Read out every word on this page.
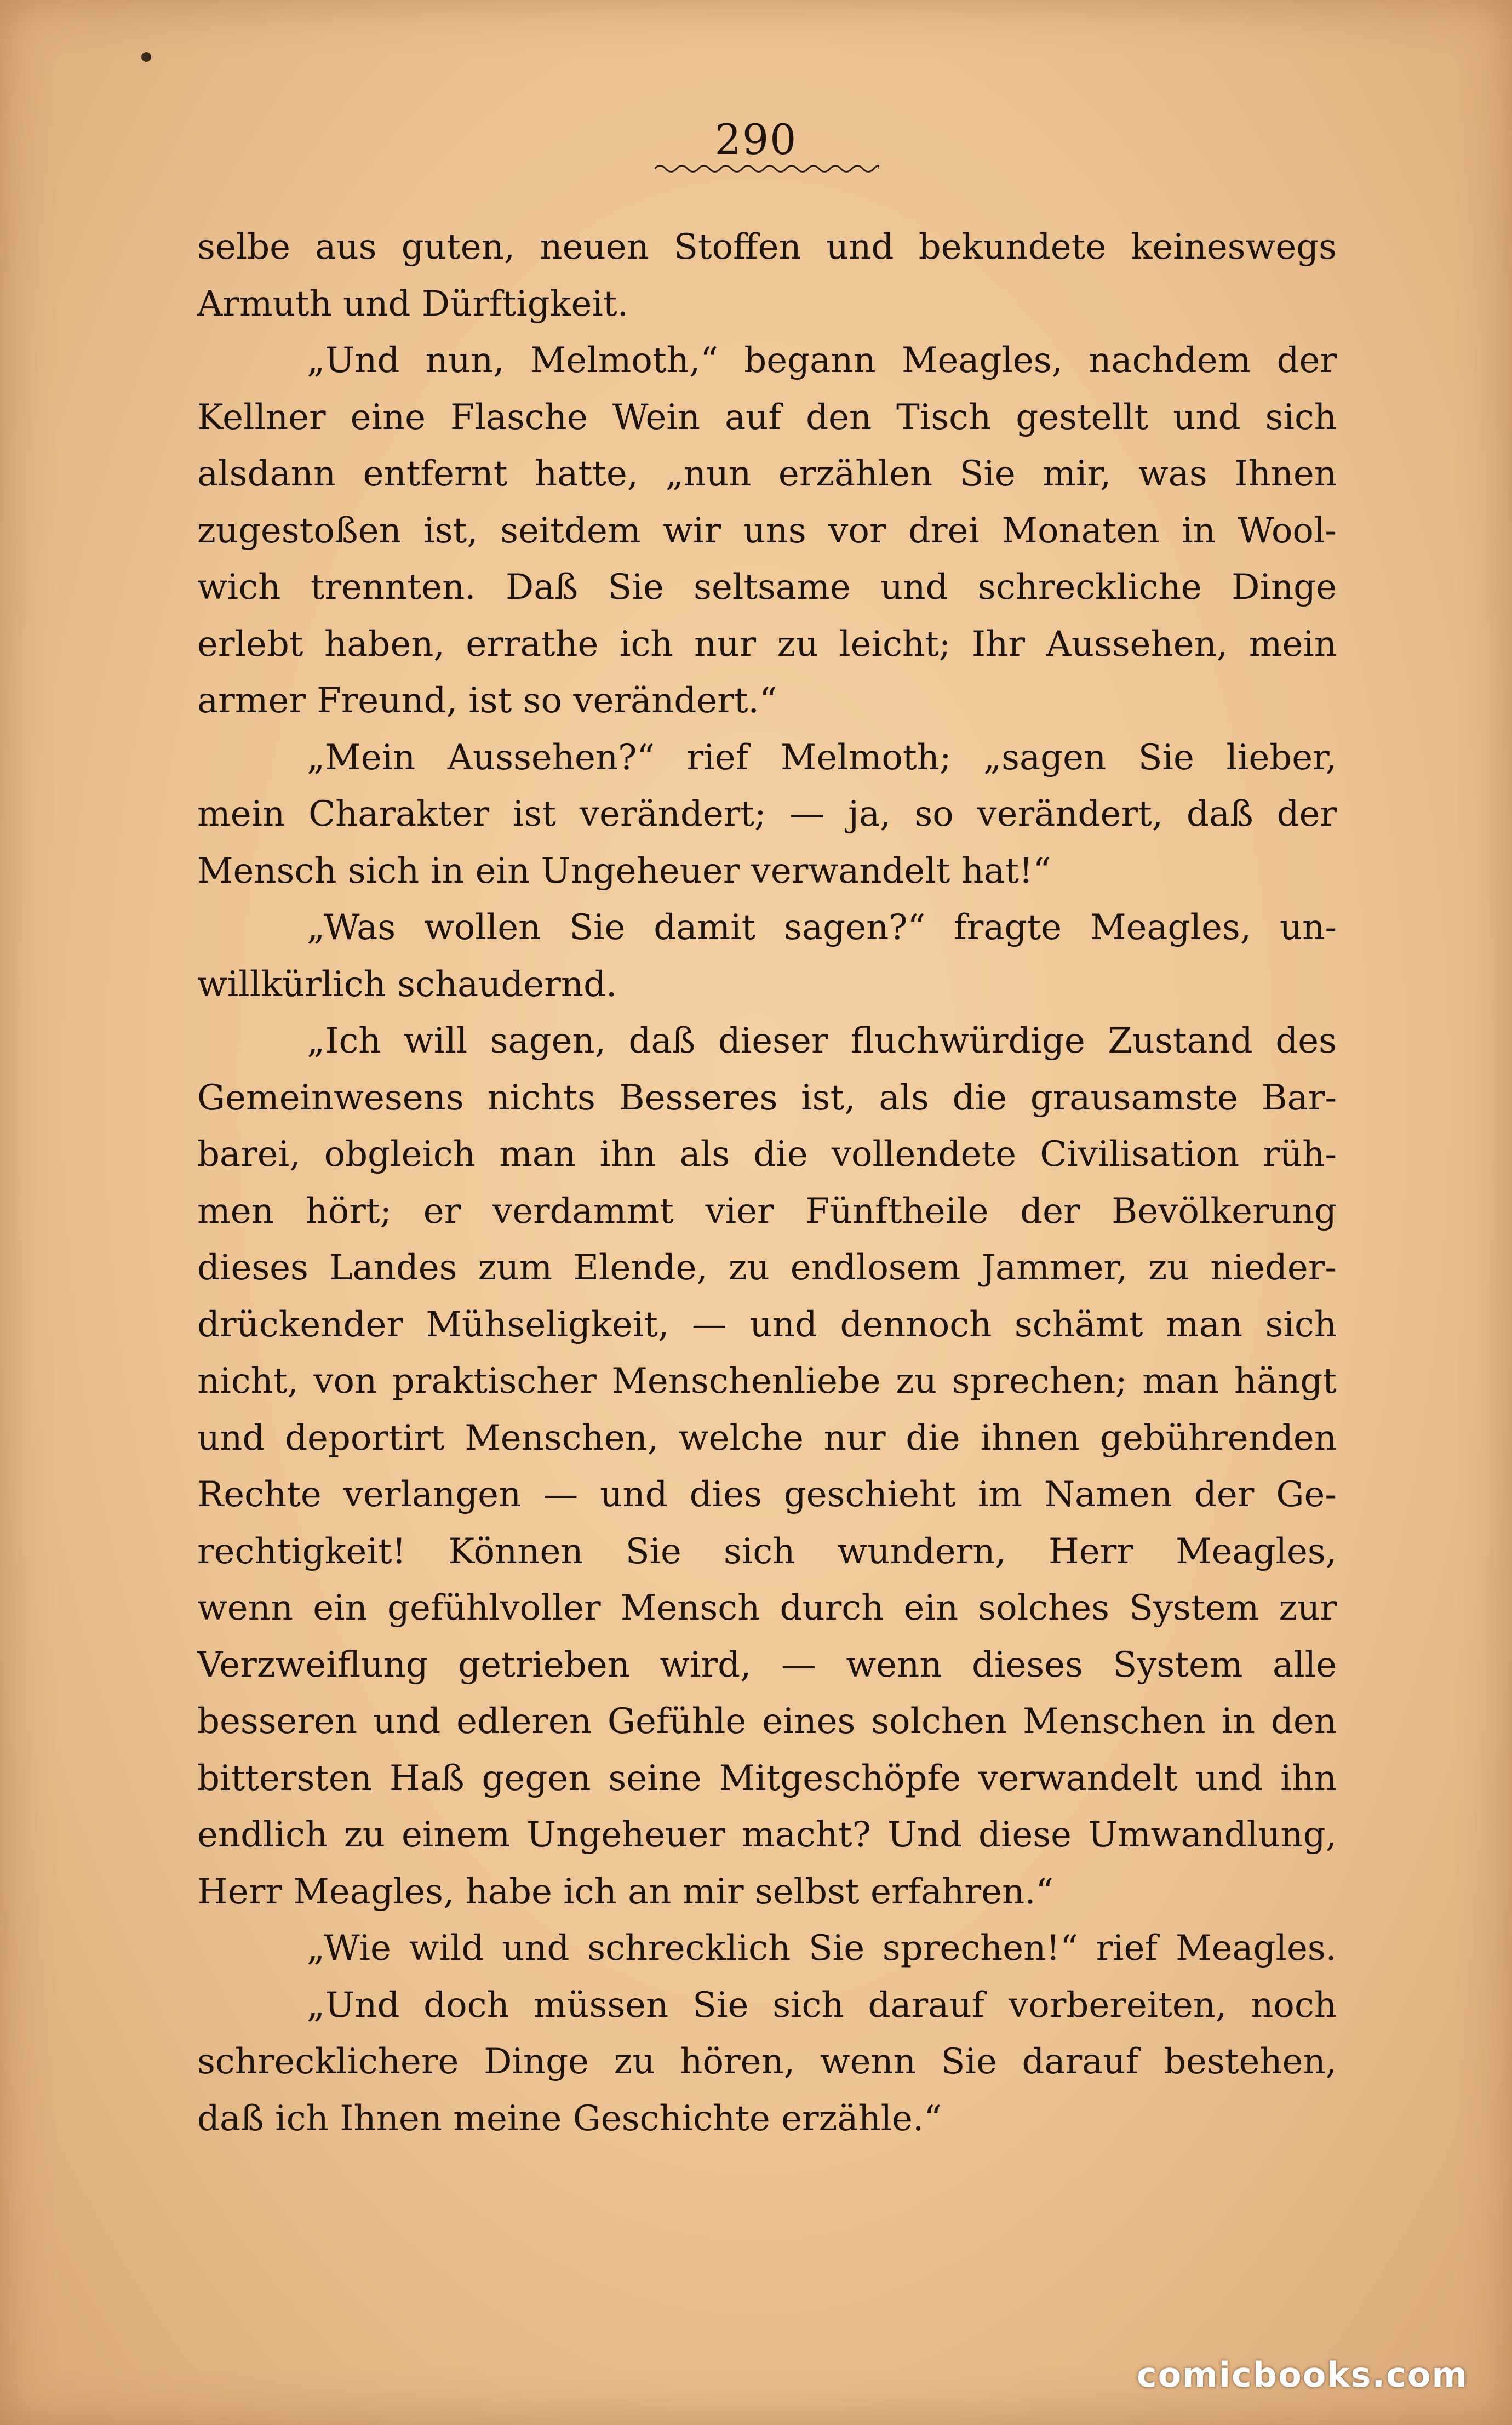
290
selbe aus guten, neuen Stoffen und bekundete keineswegs
Armuth und Dürftigkeit.
„Und nun, Melmoth,“ begann Meagles, nachdem der
Kellner eine Flasche Wein auf den Tisch gestellt und sich
alsdann entfernt hatte, „nun erzählen Sie mir, was Ihnen
zugestoßen ist, seitdem wir uns vor drei Monaten in Wool-
wich trennten. Daß Sie seltsame und schreckliche Dinge
erlebt haben, errathe ich nur zu leicht; Ihr Aussehen, mein
armer Freund, ist so verändert.“
„Mein Aussehen?“ rief Melmoth; „sagen Sie lieber,
mein Charakter ist verändert; — ja, so verändert, daß der
Mensch sich in ein Ungeheuer verwandelt hat!“
„Was wollen Sie damit sagen?“ fragte Meagles, un-
willkürlich schaudernd.
„Ich will sagen, daß dieser fluchwürdige Zustand des
Gemeinwesens nichts Besseres ist, als die grausamste Bar-
barei, obgleich man ihn als die vollendete Civilisation rüh-
men hört; er verdammt vier Fünftheile der Bevölkerung
dieses Landes zum Elende, zu endlosem Jammer, zu nieder-
drückender Mühseligkeit, — und dennoch schämt man sich
nicht, von praktischer Menschenliebe zu sprechen; man hängt
und deportirt Menschen, welche nur die ihnen gebührenden
Rechte verlangen — und dies geschieht im Namen der Ge-
rechtigkeit! Können Sie sich wundern, Herr Meagles,
wenn ein gefühlvoller Mensch durch ein solches System zur
Verzweiflung getrieben wird, — wenn dieses System alle
besseren und edleren Gefühle eines solchen Menschen in den
bittersten Haß gegen seine Mitgeschöpfe verwandelt und ihn
endlich zu einem Ungeheuer macht? Und diese Umwandlung,
Herr Meagles, habe ich an mir selbst erfahren.“
„Wie wild und schrecklich Sie sprechen!“ rief Meagles.
„Und doch müssen Sie sich darauf vorbereiten, noch
schrecklichere Dinge zu hören, wenn Sie darauf bestehen,
daß ich Ihnen meine Geschichte erzähle.“
comicbooks.com
